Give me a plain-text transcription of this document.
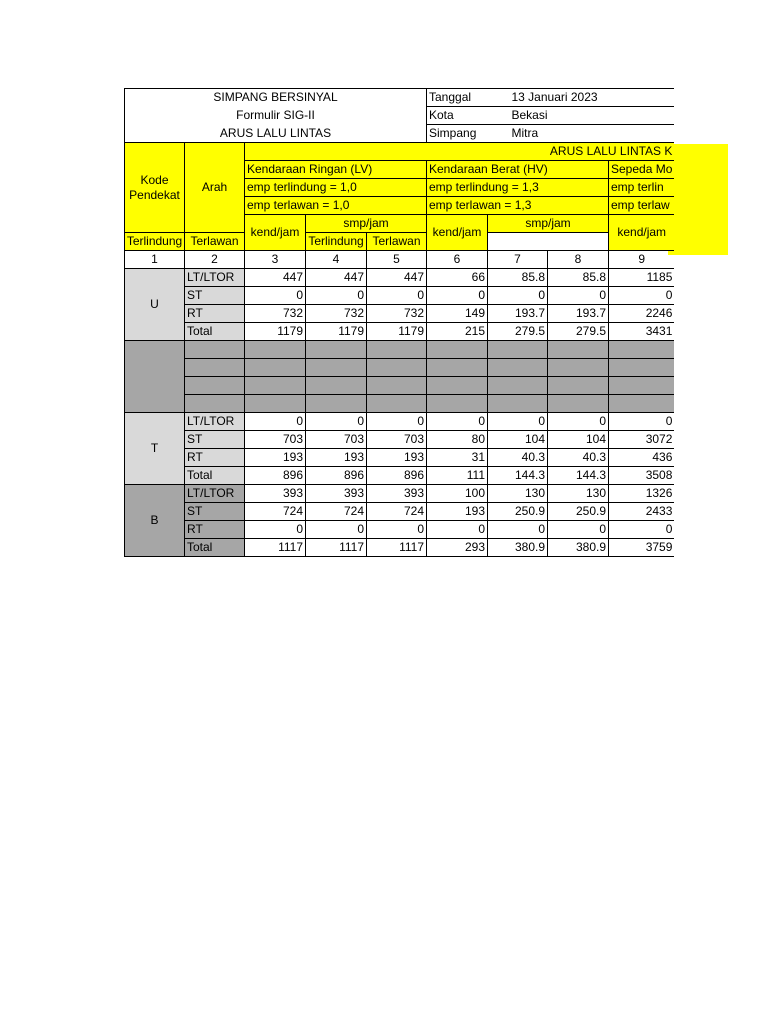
SIMPANG BERSINYAL					Tanggal	13 Januari 2023		
Formulir SIG-II					Kota	Bekasi		
ARUS LALU LINTAS					Simpang	Mitra		
Kode Pendekat	Arah	ARUS LALU LINTAS K						
		Kendaraan Ringan (LV)			Kendaraan Berat (HV)			Sepeda Mo
		emp terlindung = 1,0			emp terlindung = 1,3			emp terlin
		emp terlawan = 1,0			emp terlawan = 1,3			emp terlaw
		kend/jam	smp/jam		kend/jam	smp/jam		kend/jam
Terlindung	Terlawan		Terlindung	Terlawan				
1	2	3	4	5	6	7	8	9
U	LT/LTOR	447	447	447	66	85.8	85.8	1185
	ST	0	0	0	0	0	0	0
	RT	732	732	732	149	193.7	193.7	2246
	Total	1179	1179	1179	215	279.5	279.5	3431

T	LT/LTOR	0	0	0	0	0	0	0
	ST	703	703	703	80	104	104	3072
	RT	193	193	193	31	40.3	40.3	436
	Total	896	896	896	111	144.3	144.3	3508
B	LT/LTOR	393	393	393	100	130	130	1326
	ST	724	724	724	193	250.9	250.9	2433
	RT	0	0	0	0	0	0	0
	Total	1117	1117	1117	293	380.9	380.9	3759
